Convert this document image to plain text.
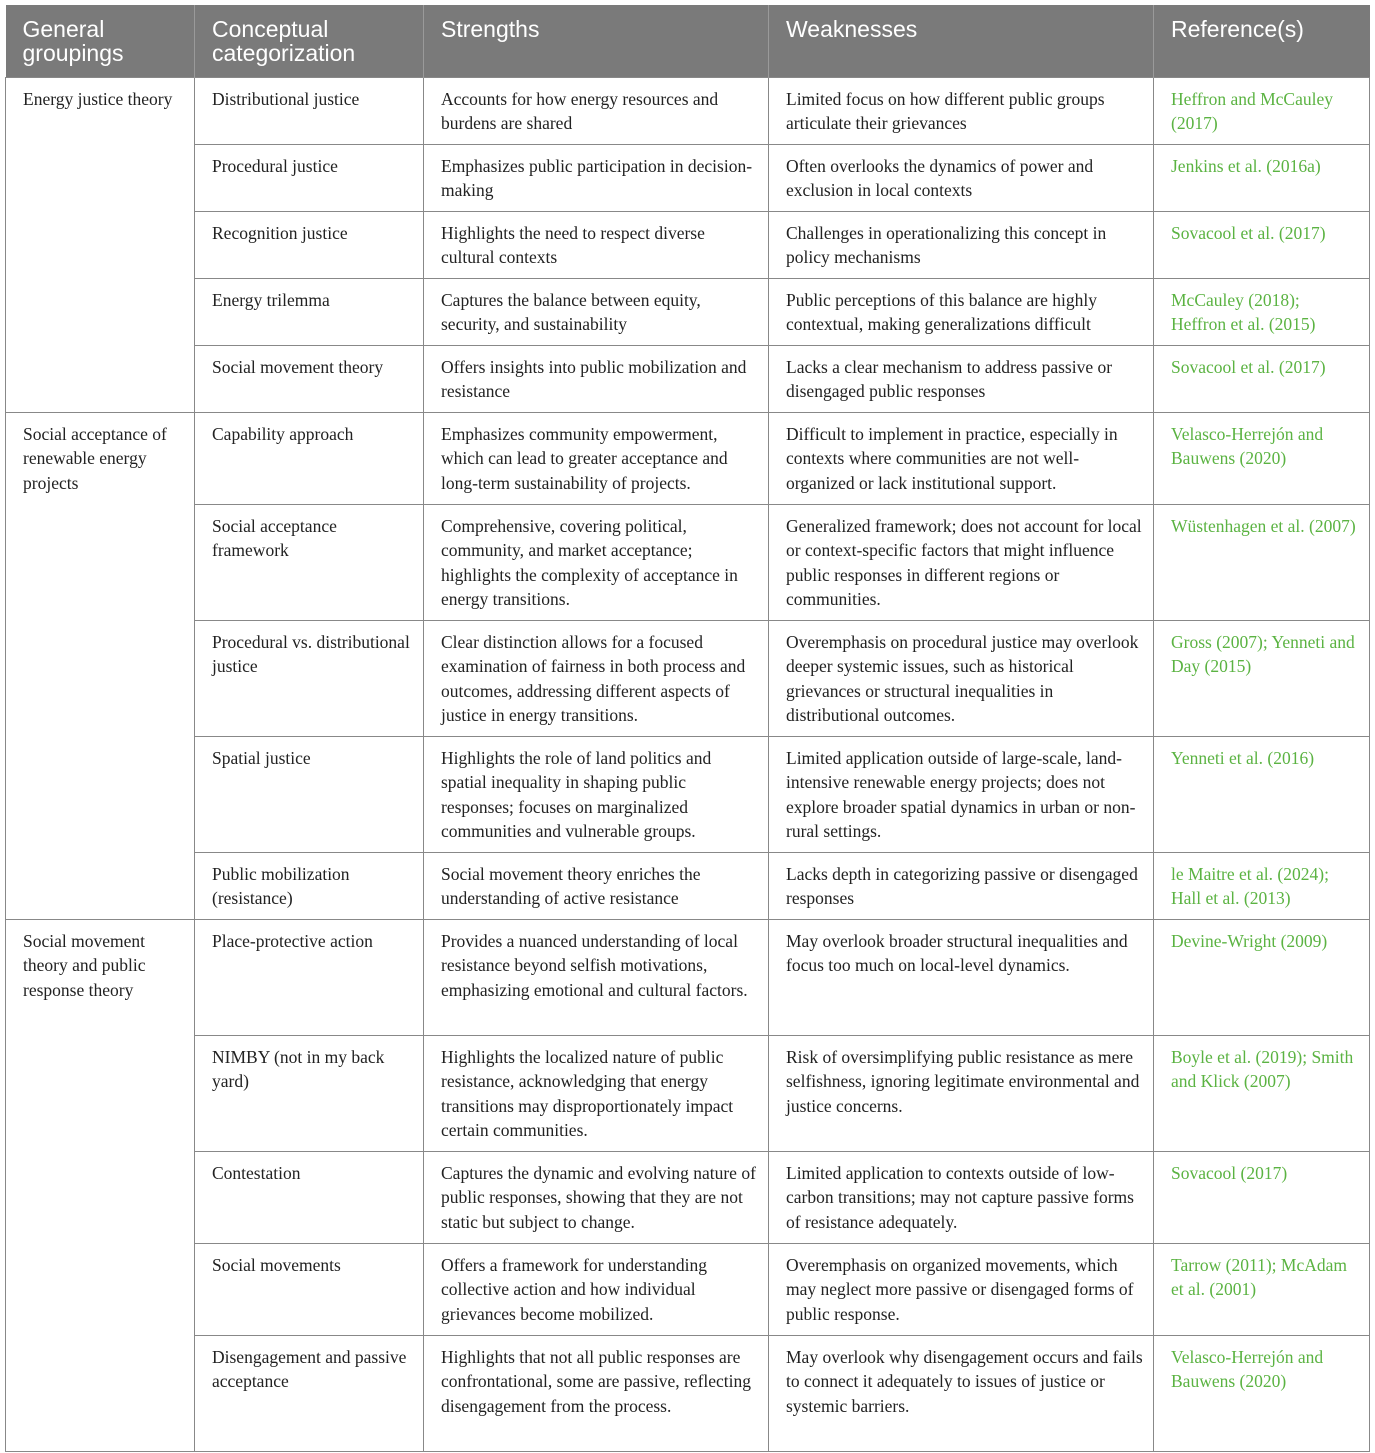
General groupings	Conceptual categorization	Strengths	Weaknesses	Reference(s)
Energy justice theory	Distributional justice	Accounts for how energy resources and burdens are shared	Limited focus on how different public groups articulate their grievances	Heffron and McCauley (2017)
	Procedural justice	Emphasizes public participation in decision-making	Often overlooks the dynamics of power and exclusion in local contexts	Jenkins et al. (2016a)
	Recognition justice	Highlights the need to respect diverse cultural contexts	Challenges in operationalizing this concept in policy mechanisms	Sovacool et al. (2017)
	Energy trilemma	Captures the balance between equity, security, and sustainability	Public perceptions of this balance are highly contextual, making generalizations difficult	McCauley (2018); Heffron et al. (2015)
	Social movement theory	Offers insights into public mobilization and resistance	Lacks a clear mechanism to address passive or disengaged public responses	Sovacool et al. (2017)
Social acceptance of renewable energy projects	Capability approach	Emphasizes community empowerment, which can lead to greater acceptance and long-term sustainability of projects.	Difficult to implement in practice, especially in contexts where communities are not well-organized or lack institutional support.	Velasco-Herrejón and Bauwens (2020)
	Social acceptance framework	Comprehensive, covering political, community, and market acceptance; highlights the complexity of acceptance in energy transitions.	Generalized framework; does not account for local or context-specific factors that might influence public responses in different regions or communities.	Wüstenhagen et al. (2007)
	Procedural vs. distributional justice	Clear distinction allows for a focused examination of fairness in both process and outcomes, addressing different aspects of justice in energy transitions.	Overemphasis on procedural justice may overlook deeper systemic issues, such as historical grievances or structural inequalities in distributional outcomes.	Gross (2007); Yenneti and Day (2015)
	Spatial justice	Highlights the role of land politics and spatial inequality in shaping public responses; focuses on marginalized communities and vulnerable groups.	Limited application outside of large-scale, land-intensive renewable energy projects; does not explore broader spatial dynamics in urban or non-rural settings.	Yenneti et al. (2016)
	Public mobilization (resistance)	Social movement theory enriches the understanding of active resistance	Lacks depth in categorizing passive or disengaged responses	le Maitre et al. (2024); Hall et al. (2013)
Social movement theory and public response theory	Place-protective action	Provides a nuanced understanding of local resistance beyond selfish motivations, emphasizing emotional and cultural factors.	May overlook broader structural inequalities and focus too much on local-level dynamics.	Devine-Wright (2009)
	NIMBY (not in my back yard)	Highlights the localized nature of public resistance, acknowledging that energy transitions may disproportionately impact certain communities.	Risk of oversimplifying public resistance as mere selfishness, ignoring legitimate environmental and justice concerns.	Boyle et al. (2019); Smith and Klick (2007)
	Contestation	Captures the dynamic and evolving nature of public responses, showing that they are not static but subject to change.	Limited application to contexts outside of low-carbon transitions; may not capture passive forms of resistance adequately.	Sovacool (2017)
	Social movements	Offers a framework for understanding collective action and how individual grievances become mobilized.	Overemphasis on organized movements, which may neglect more passive or disengaged forms of public response.	Tarrow (2011); McAdam et al. (2001)
	Disengagement and passive acceptance	Highlights that not all public responses are confrontational, some are passive, reflecting disengagement from the process.	May overlook why disengagement occurs and fails to connect it adequately to issues of justice or systemic barriers.	Velasco-Herrejón and Bauwens (2020)
